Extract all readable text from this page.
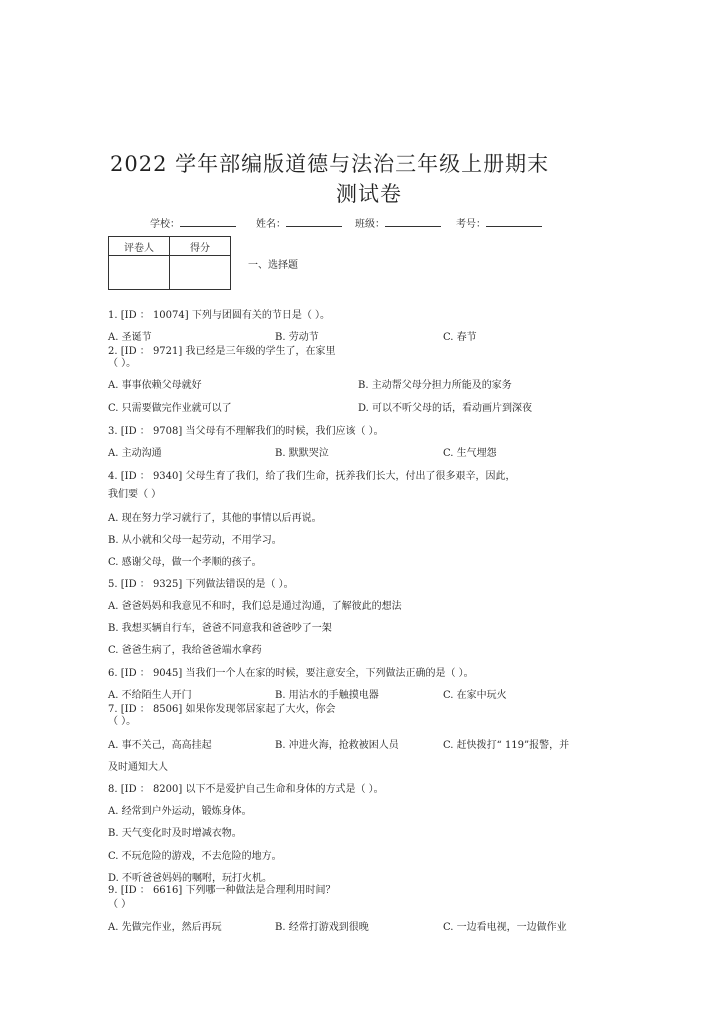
2022 学年部编版道德与法治三年级上册期末
测试卷
学校：	姓名：	班级：	考号：
评卷人	得分

一、选择题
1. [ID ： 10074] 下列与团圆有关的节日是（ ）。
A. 圣诞节	B. 劳动节	C. 春节
2. [ID ： 9721] 我已经是三年级的学生了，在家里
（ ）。
A. 事事依赖父母就好	B. 主动帮父母分担力所能及的家务
C. 只需要做完作业就可以了	D. 可以不听父母的话，看动画片到深夜
3. [ID ： 9708] 当父母有不理解我们的时候，我们应该（ ）。
A. 主动沟通	B. 默默哭泣	C. 生气埋怨
4. [ID ： 9340] 父母生育了我们，给了我们生命，抚养我们长大，付出了很多艰辛，因此，
我们要（ ）
A. 现在努力学习就行了，其他的事情以后再说。
B. 从小就和父母一起劳动，不用学习。
C. 感谢父母，做一个孝顺的孩子。
5. [ID ： 9325] 下列做法错误的是（ ）。
A. 爸爸妈妈和我意见不和时，我们总是通过沟通，了解彼此的想法
B. 我想买辆自行车，爸爸不同意我和爸爸吵了一架
C. 爸爸生病了，我给爸爸端水拿药
6. [ID ： 9045] 当我们一个人在家的时候，要注意安全，下列做法正确的是（ ）。
A. 不给陌生人开门	B. 用沾水的手触摸电器	C. 在家中玩火
7. [ID ： 8506] 如果你发现邻居家起了大火，你会
（ ）。
A. 事不关己，高高挂起	B. 冲进火海，抢救被困人员	C. 赶快拨打“ 119”报警，并
及时通知大人
8. [ID ： 8200] 以下不是爱护自己生命和身体的方式是（ ）。
A. 经常到户外运动，锻炼身体。
B. 天气变化时及时增减衣物。
C. 不玩危险的游戏，不去危险的地方。
D. 不听爸爸妈妈的嘱咐，玩打火机。
9. [ID ： 6616] 下列哪一种做法是合理利用时间？
（ ）
A. 先做完作业，然后再玩	B. 经常打游戏到很晚	C. 一边看电视，一边做作业
